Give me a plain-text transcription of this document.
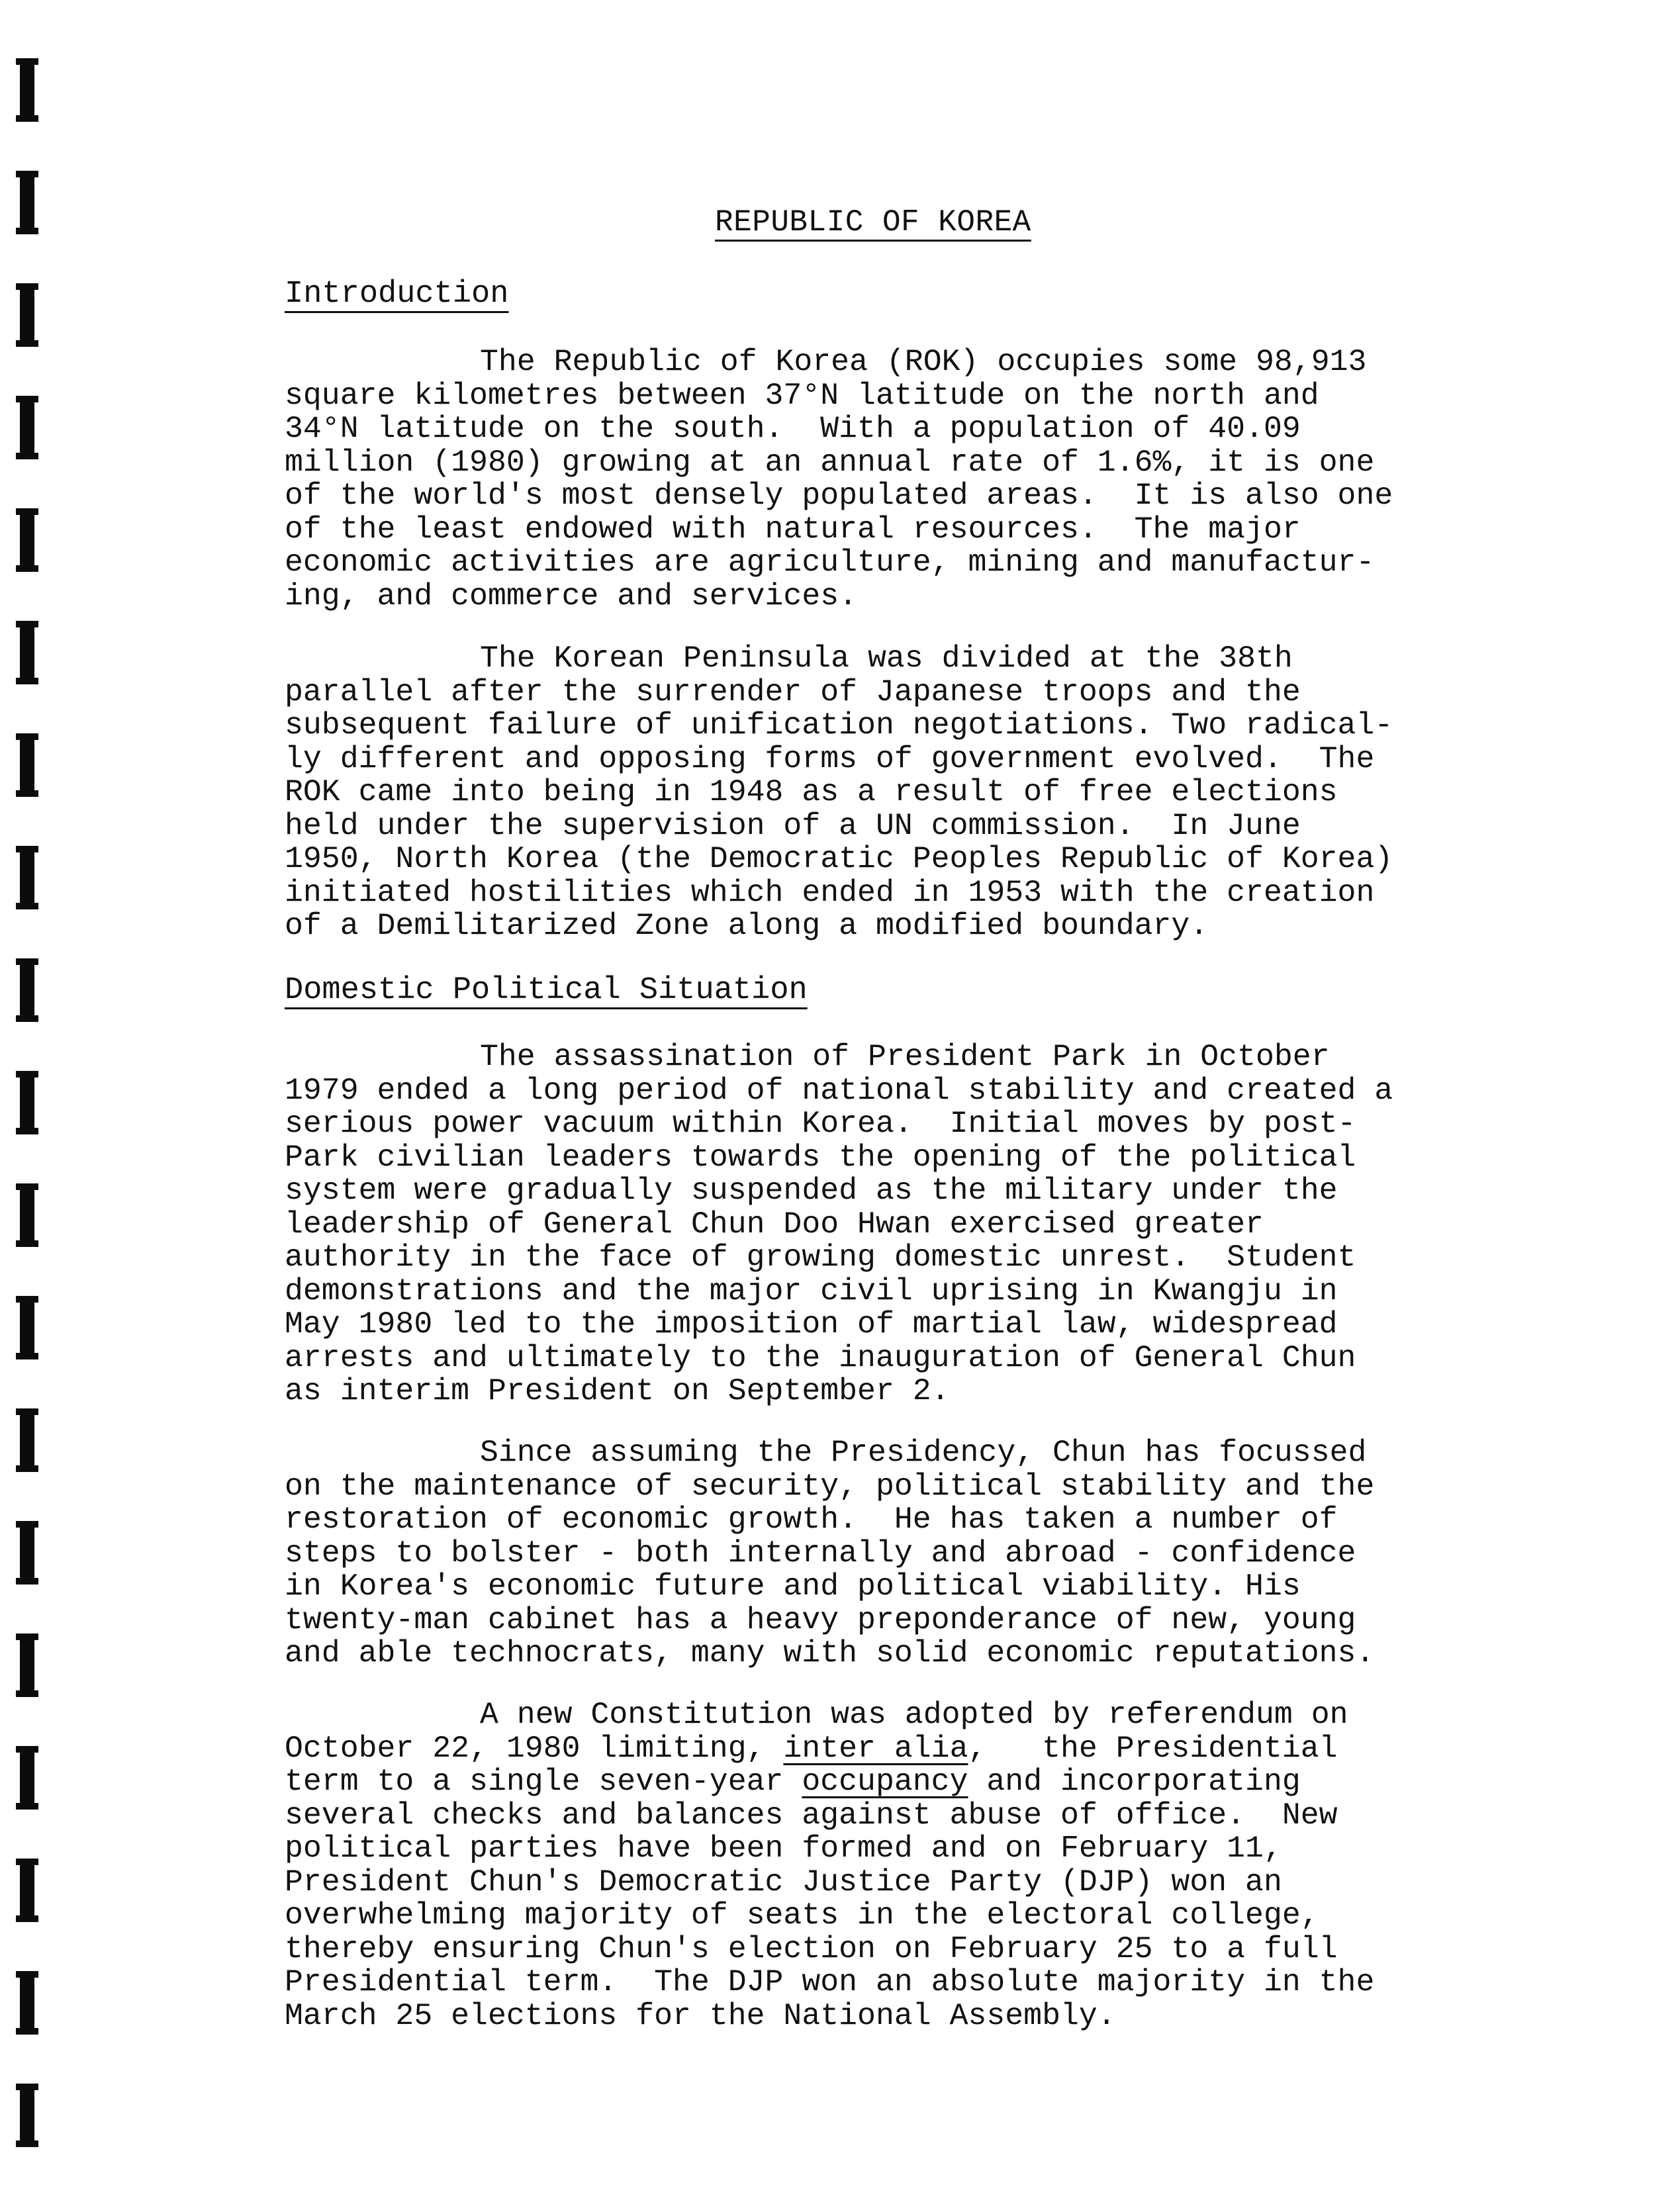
REPUBLIC OF KOREA
Introduction
The Republic of Korea (ROK) occupies some 98,913
square kilometres between 37°N latitude on the north and
34°N latitude on the south.  With a population of 40.09
million (1980) growing at an annual rate of 1.6%, it is one
of the world's most densely populated areas.  It is also one
of the least endowed with natural resources.  The major
economic activities are agriculture, mining and manufactur-
ing, and commerce and services.
The Korean Peninsula was divided at the 38th
parallel after the surrender of Japanese troops and the
subsequent failure of unification negotiations. Two radical-
ly different and opposing forms of government evolved.  The
ROK came into being in 1948 as a result of free elections
held under the supervision of a UN commission.  In June
1950, North Korea (the Democratic Peoples Republic of Korea)
initiated hostilities which ended in 1953 with the creation
of a Demilitarized Zone along a modified boundary.
Domestic Political Situation
The assassination of President Park in October
1979 ended a long period of national stability and created a
serious power vacuum within Korea.  Initial moves by post-
Park civilian leaders towards the opening of the political
system were gradually suspended as the military under the
leadership of General Chun Doo Hwan exercised greater
authority in the face of growing domestic unrest.  Student
demonstrations and the major civil uprising in Kwangju in
May 1980 led to the imposition of martial law, widespread
arrests and ultimately to the inauguration of General Chun
as interim President on September 2.
Since assuming the Presidency, Chun has focussed
on the maintenance of security, political stability and the
restoration of economic growth.  He has taken a number of
steps to bolster - both internally and abroad - confidence
in Korea's economic future and political viability. His
twenty-man cabinet has a heavy preponderance of new, young
and able technocrats, many with solid economic reputations.
A new Constitution was adopted by referendum on
October 22, 1980 limiting, inter alia,   the Presidential
term to a single seven-year occupancy and incorporating
several checks and balances against abuse of office.  New
political parties have been formed and on February 11,
President Chun's Democratic Justice Party (DJP) won an
overwhelming majority of seats in the electoral college,
thereby ensuring Chun's election on February 25 to a full
Presidential term.  The DJP won an absolute majority in the
March 25 elections for the National Assembly.
